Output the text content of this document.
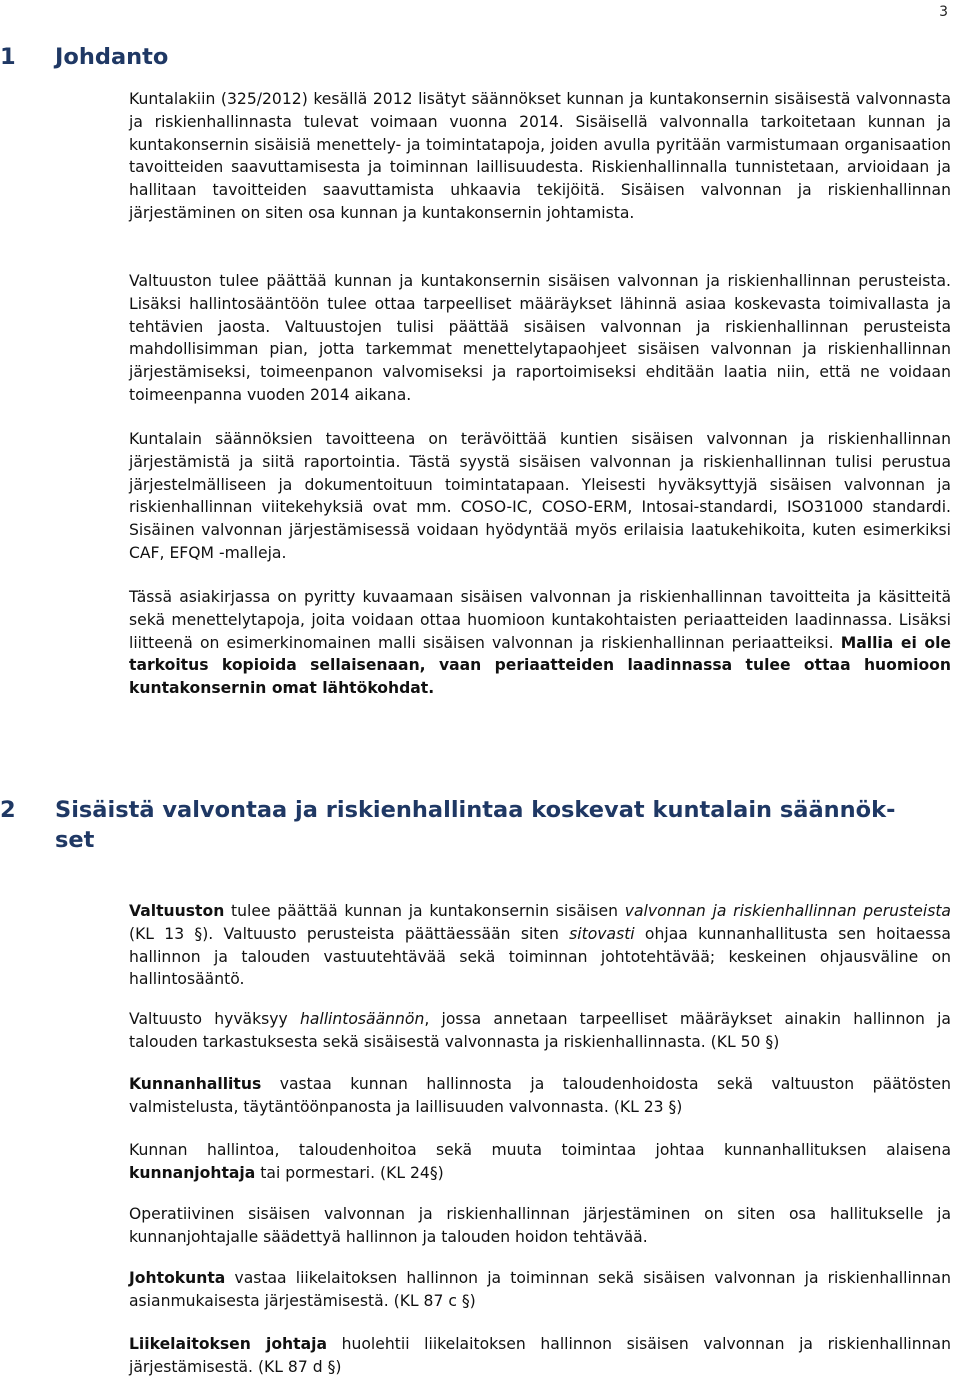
3
1 Johdanto

Kuntalakiin (325/2012) kesällä 2012 lisätyt säännökset kunnan ja kuntakonsernin sisäisestä valvonnasta ja riskienhallinnasta tulevat voimaan vuonna 2014. Sisäisellä valvonnalla tarkoitetaan kunnan ja kuntakonsernin sisäisiä menettely- ja toimintatapoja, joiden avulla pyritään varmistumaan organisaation tavoitteiden saavuttamisesta ja toiminnan laillisuudesta. Riskienhallinnalla tunnistetaan, arvioidaan ja hallitaan tavoitteiden saavuttamista uhkaavia tekijöitä. Sisäisen valvonnan ja riskienhallinnan järjestäminen on siten osa kunnan ja kuntakonsernin johtamista.

Valtuuston tulee päättää kunnan ja kuntakonsernin sisäisen valvonnan ja riskienhallinnan perusteista. Lisäksi hallintosääntöön tulee ottaa tarpeelliset määräykset lähinnä asiaa koskevasta toimivallasta ja tehtävien jaosta. Valtuustojen tulisi päättää sisäisen valvonnan ja riskienhallinnan perusteista mahdollisimman pian, jotta tarkemmat menettelytapaohjeet sisäisen valvonnan ja riskienhallinnan järjestämiseksi, toimeenpanon valvomiseksi ja raportoimiseksi ehditään laatia niin, että ne voidaan toimeenpanna vuoden 2014 aikana.

Kuntalain säännöksien tavoitteena on terävöittää kuntien sisäisen valvonnan ja riskienhallinnan järjestämistä ja siitä raportointia. Tästä syystä sisäisen valvonnan ja riskienhallinnan tulisi perustua järjestelmälliseen ja dokumentoituun toimintatapaan. Yleisesti hyväksyttyjä sisäisen valvonnan ja riskienhallinnan viitekehyksiä ovat mm. COSO-IC, COSO-ERM, Intosai-standardi, ISO31000 standardi. Sisäinen valvonnan järjestämisessä voidaan hyödyntää myös erilaisia laatukehikoita, kuten esimerkiksi CAF, EFQM -malleja.

Tässä asiakirjassa on pyritty kuvaamaan sisäisen valvonnan ja riskienhallinnan tavoitteita ja käsitteitä sekä menettelytapoja, joita voidaan ottaa huomioon kuntakohtaisten periaatteiden laadinnassa. Lisäksi liitteenä on esimerkinomainen malli sisäisen valvonnan ja riskienhallinnan periaatteiksi. Mallia ei ole tarkoitus kopioida sellaisenaan, vaan periaatteiden laadinnassa tulee ottaa huomioon kuntakonsernin omat lähtökohdat.

2 Sisäistä valvontaa ja riskienhallintaa koskevat kuntalain säännök-
set

Valtuuston tulee päättää kunnan ja kuntakonsernin sisäisen valvonnan ja riskienhallinnan perusteista (KL 13 §). Valtuusto perusteista päättäessään siten sitovasti ohjaa kunnanhallitusta sen hoitaessa hallinnon ja talouden vastuutehtävää sekä toiminnan johtotehtävää; keskeinen ohjausväline on hallintosääntö.

Valtuusto hyväksyy hallintosäännön, jossa annetaan tarpeelliset määräykset ainakin hallinnon ja talouden tarkastuksesta sekä sisäisestä valvonnasta ja riskienhallinnasta. (KL 50 §)

Kunnanhallitus vastaa kunnan hallinnosta ja taloudenhoidosta sekä valtuuston päätösten valmistelusta, täytäntöönpanosta ja laillisuuden valvonnasta. (KL 23 §)

Kunnan hallintoa, taloudenhoitoa sekä muuta toimintaa johtaa kunnanhallituksen alaisena kunnanjohtaja tai pormestari. (KL 24§)

Operatiivinen sisäisen valvonnan ja riskienhallinnan järjestäminen on siten osa hallitukselle ja kunnanjohtajalle säädettyä hallinnon ja talouden hoidon tehtävää.

Johtokunta vastaa liikelaitoksen hallinnon ja toiminnan sekä sisäisen valvonnan ja riskienhallinnan asianmukaisesta järjestämisestä. (KL 87 c §)

Liikelaitoksen johtaja huolehtii liikelaitoksen hallinnon sisäisen valvonnan ja riskienhallinnan järjestämisestä. (KL 87 d §)
